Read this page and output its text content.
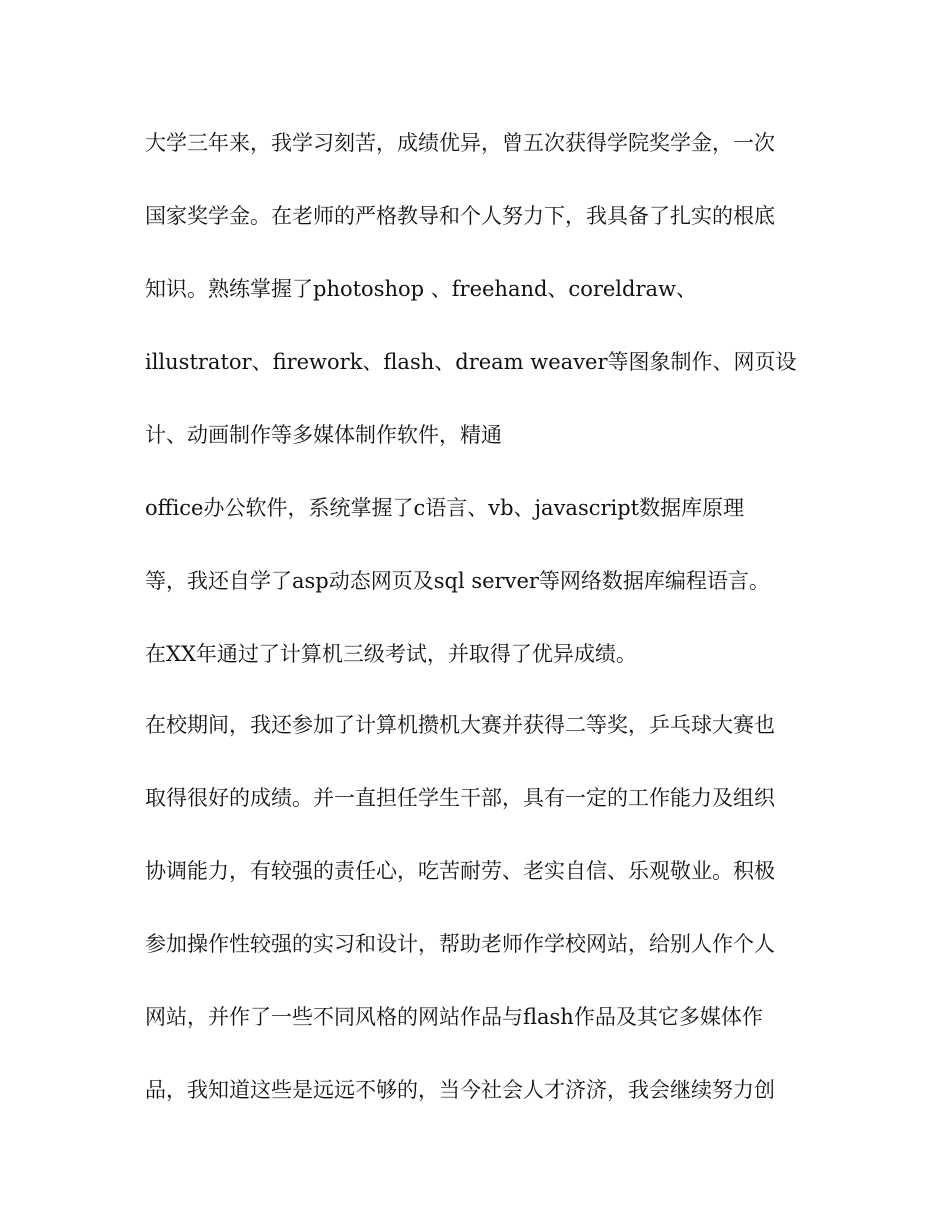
大学三年来，我学习刻苦，成绩优异，曾五次获得学院奖学金，一次
国家奖学金。在老师的严格教导和个人努力下，我具备了扎实的根底
知识。熟练掌握了photoshop 、freehand、coreldraw、
illustrator、firework、flash、dream weaver等图象制作、网页设
计、动画制作等多媒体制作软件，精通
office办公软件，系统掌握了c语言、vb、javascript数据库原理
等，我还自学了asp动态网页及sql server等网络数据库编程语言。
在XX年通过了计算机三级考试，并取得了优异成绩。
在校期间，我还参加了计算机攒机大赛并获得二等奖，乒乓球大赛也
取得很好的成绩。并一直担任学生干部，具有一定的工作能力及组织
协调能力，有较强的责任心，吃苦耐劳、老实自信、乐观敬业。积极
参加操作性较强的实习和设计，帮助老师作学校网站，给别人作个人
网站，并作了一些不同风格的网站作品与flash作品及其它多媒体作
品，我知道这些是远远不够的，当今社会人才济济，我会继续努力创
